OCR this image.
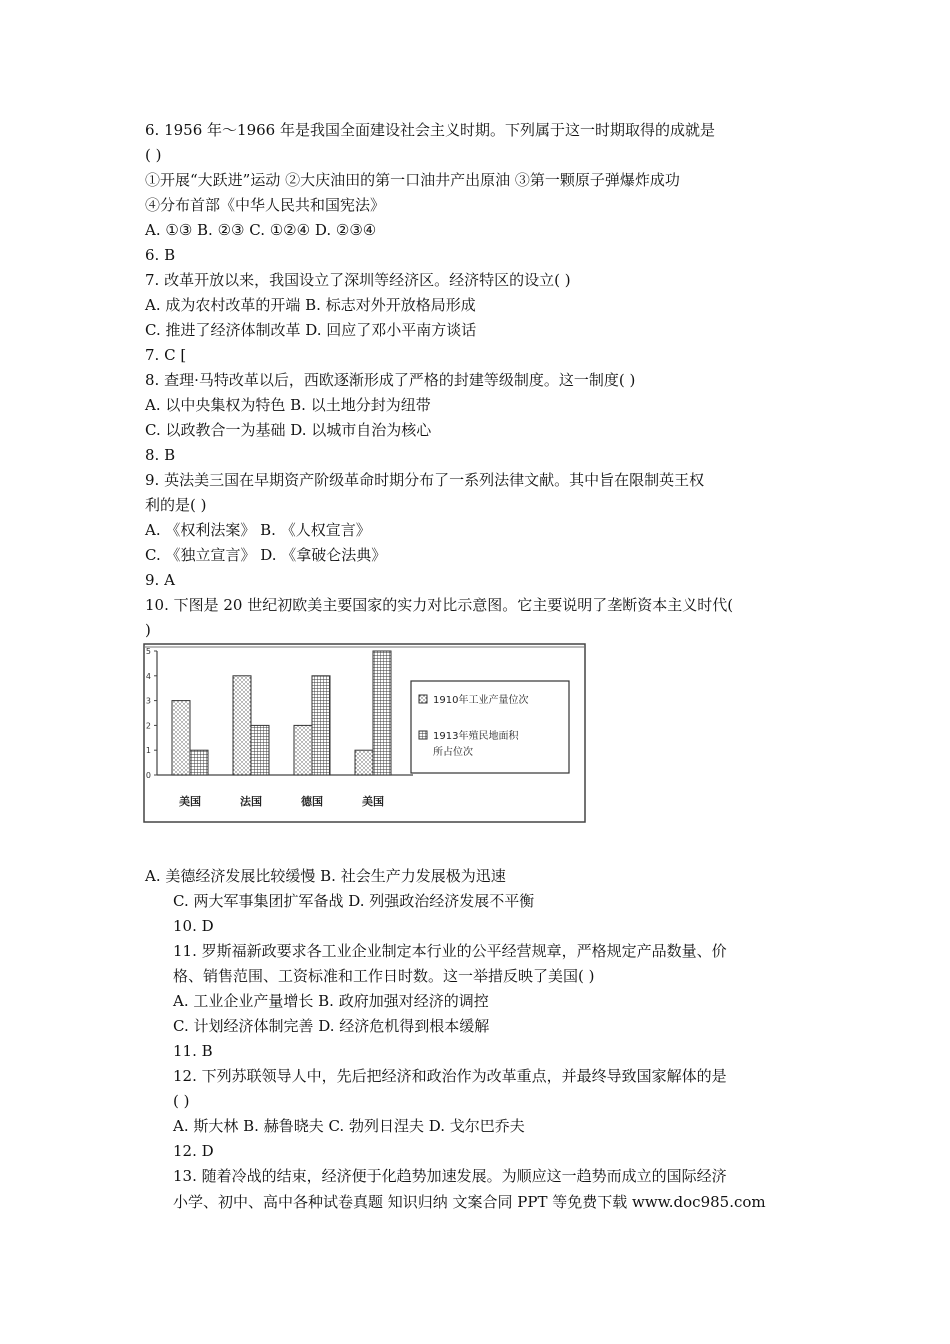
6. 1956 年～1966 年是我国全面建设社会主义时期。下列属于这一时期取得的成就是
( )
①开展“大跃进”运动 ②大庆油田的第一口油井产出原油 ③第一颗原子弹爆炸成功
④分布首部《中华人民共和国宪法》
A. ①③ B. ②③ C. ①②④ D. ②③④
6. B
7. 改革开放以来，我国设立了深圳等经济区。经济特区的设立( )
A. 成为农村改革的开端 B. 标志对外开放格局形成
C. 推进了经济体制改革 D. 回应了邓小平南方谈话
7. C [
8. 查理·马特改革以后，西欧逐渐形成了严格的封建等级制度。这一制度( )
A. 以中央集权为特色 B. 以土地分封为纽带
C. 以政教合一为基础 D. 以城市自治为核心
8. B
9. 英法美三国在早期资产阶级革命时期分布了一系列法律文献。其中旨在限制英王权
利的是( )
A. 《权利法案》 B. 《人权宣言》
C. 《独立宣言》 D. 《拿破仑法典》
9. A
10. 下图是 20 世纪初欧美主要国家的实力对比示意图。它主要说明了垄断资本主义时代(
)
A. 美德经济发展比较缓慢 B. 社会生产力发展极为迅速
C. 两大军事集团扩军备战 D. 列强政治经济发展不平衡
10. D
11. 罗斯福新政要求各工业企业制定本行业的公平经营规章，严格规定产品数量、价
格、销售范围、工资标准和工作日时数。这一举措反映了美国( )
A. 工业企业产量增长 B. 政府加强对经济的调控
C. 计划经济体制完善 D. 经济危机得到根本缓解
11. B
12. 下列苏联领导人中，先后把经济和政治作为改革重点，并最终导致国家解体的是
( )
A. 斯大林 B. 赫鲁晓夫 C. 勃列日涅夫 D. 戈尔巴乔夫
12. D
13. 随着冷战的结束，经济便于化趋势加速发展。为顺应这一趋势而成立的国际经济
0
1
2
3
4
5
美国	法国	德国	美国
1910年工业产量位次
1913年殖民地面积
所占位次
小学、初中、高中各种试卷真题 知识归纳 文案合同 PPT 等免费下载 www.doc985.com
